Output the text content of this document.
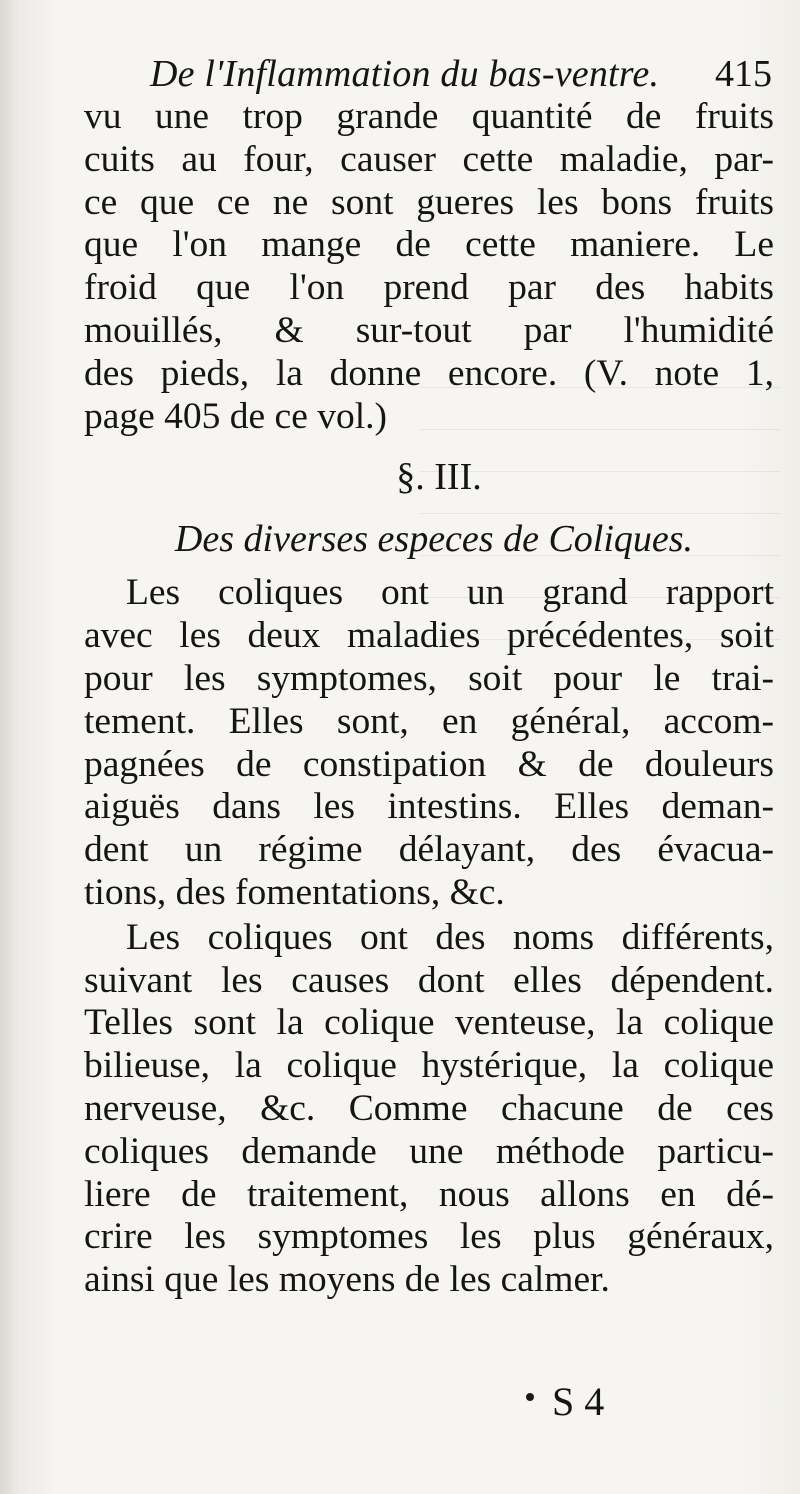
De l'Inflammation du bas-ventre. 415
vu une trop grande quantité de fruits
cuits au four, causer cette maladie, par-
ce que ce ne sont gueres les bons fruits
que l'on mange de cette maniere. Le
froid que l'on prend par des habits
mouillés, & sur-tout par l'humidité
des pieds, la donne encore. (V. note 1,
page 405 de ce vol.)
§. III.
Des diverses especes de Coliques.
Les coliques ont un grand rapport
avec les deux maladies précédentes, soit
pour les symptomes, soit pour le trai-
tement. Elles sont, en général, accom-
pagnées de constipation & de douleurs
aiguës dans les intestins. Elles deman-
dent un régime délayant, des évacua-
tions, des fomentations, &c.
Les coliques ont des noms différents,
suivant les causes dont elles dépendent.
Telles sont la colique venteuse, la colique
bilieuse, la colique hystérique, la colique
nerveuse, &c. Comme chacune de ces
coliques demande une méthode particu-
liere de traitement, nous allons en dé-
crire les symptomes les plus généraux,
ainsi que les moyens de les calmer.
S 4
